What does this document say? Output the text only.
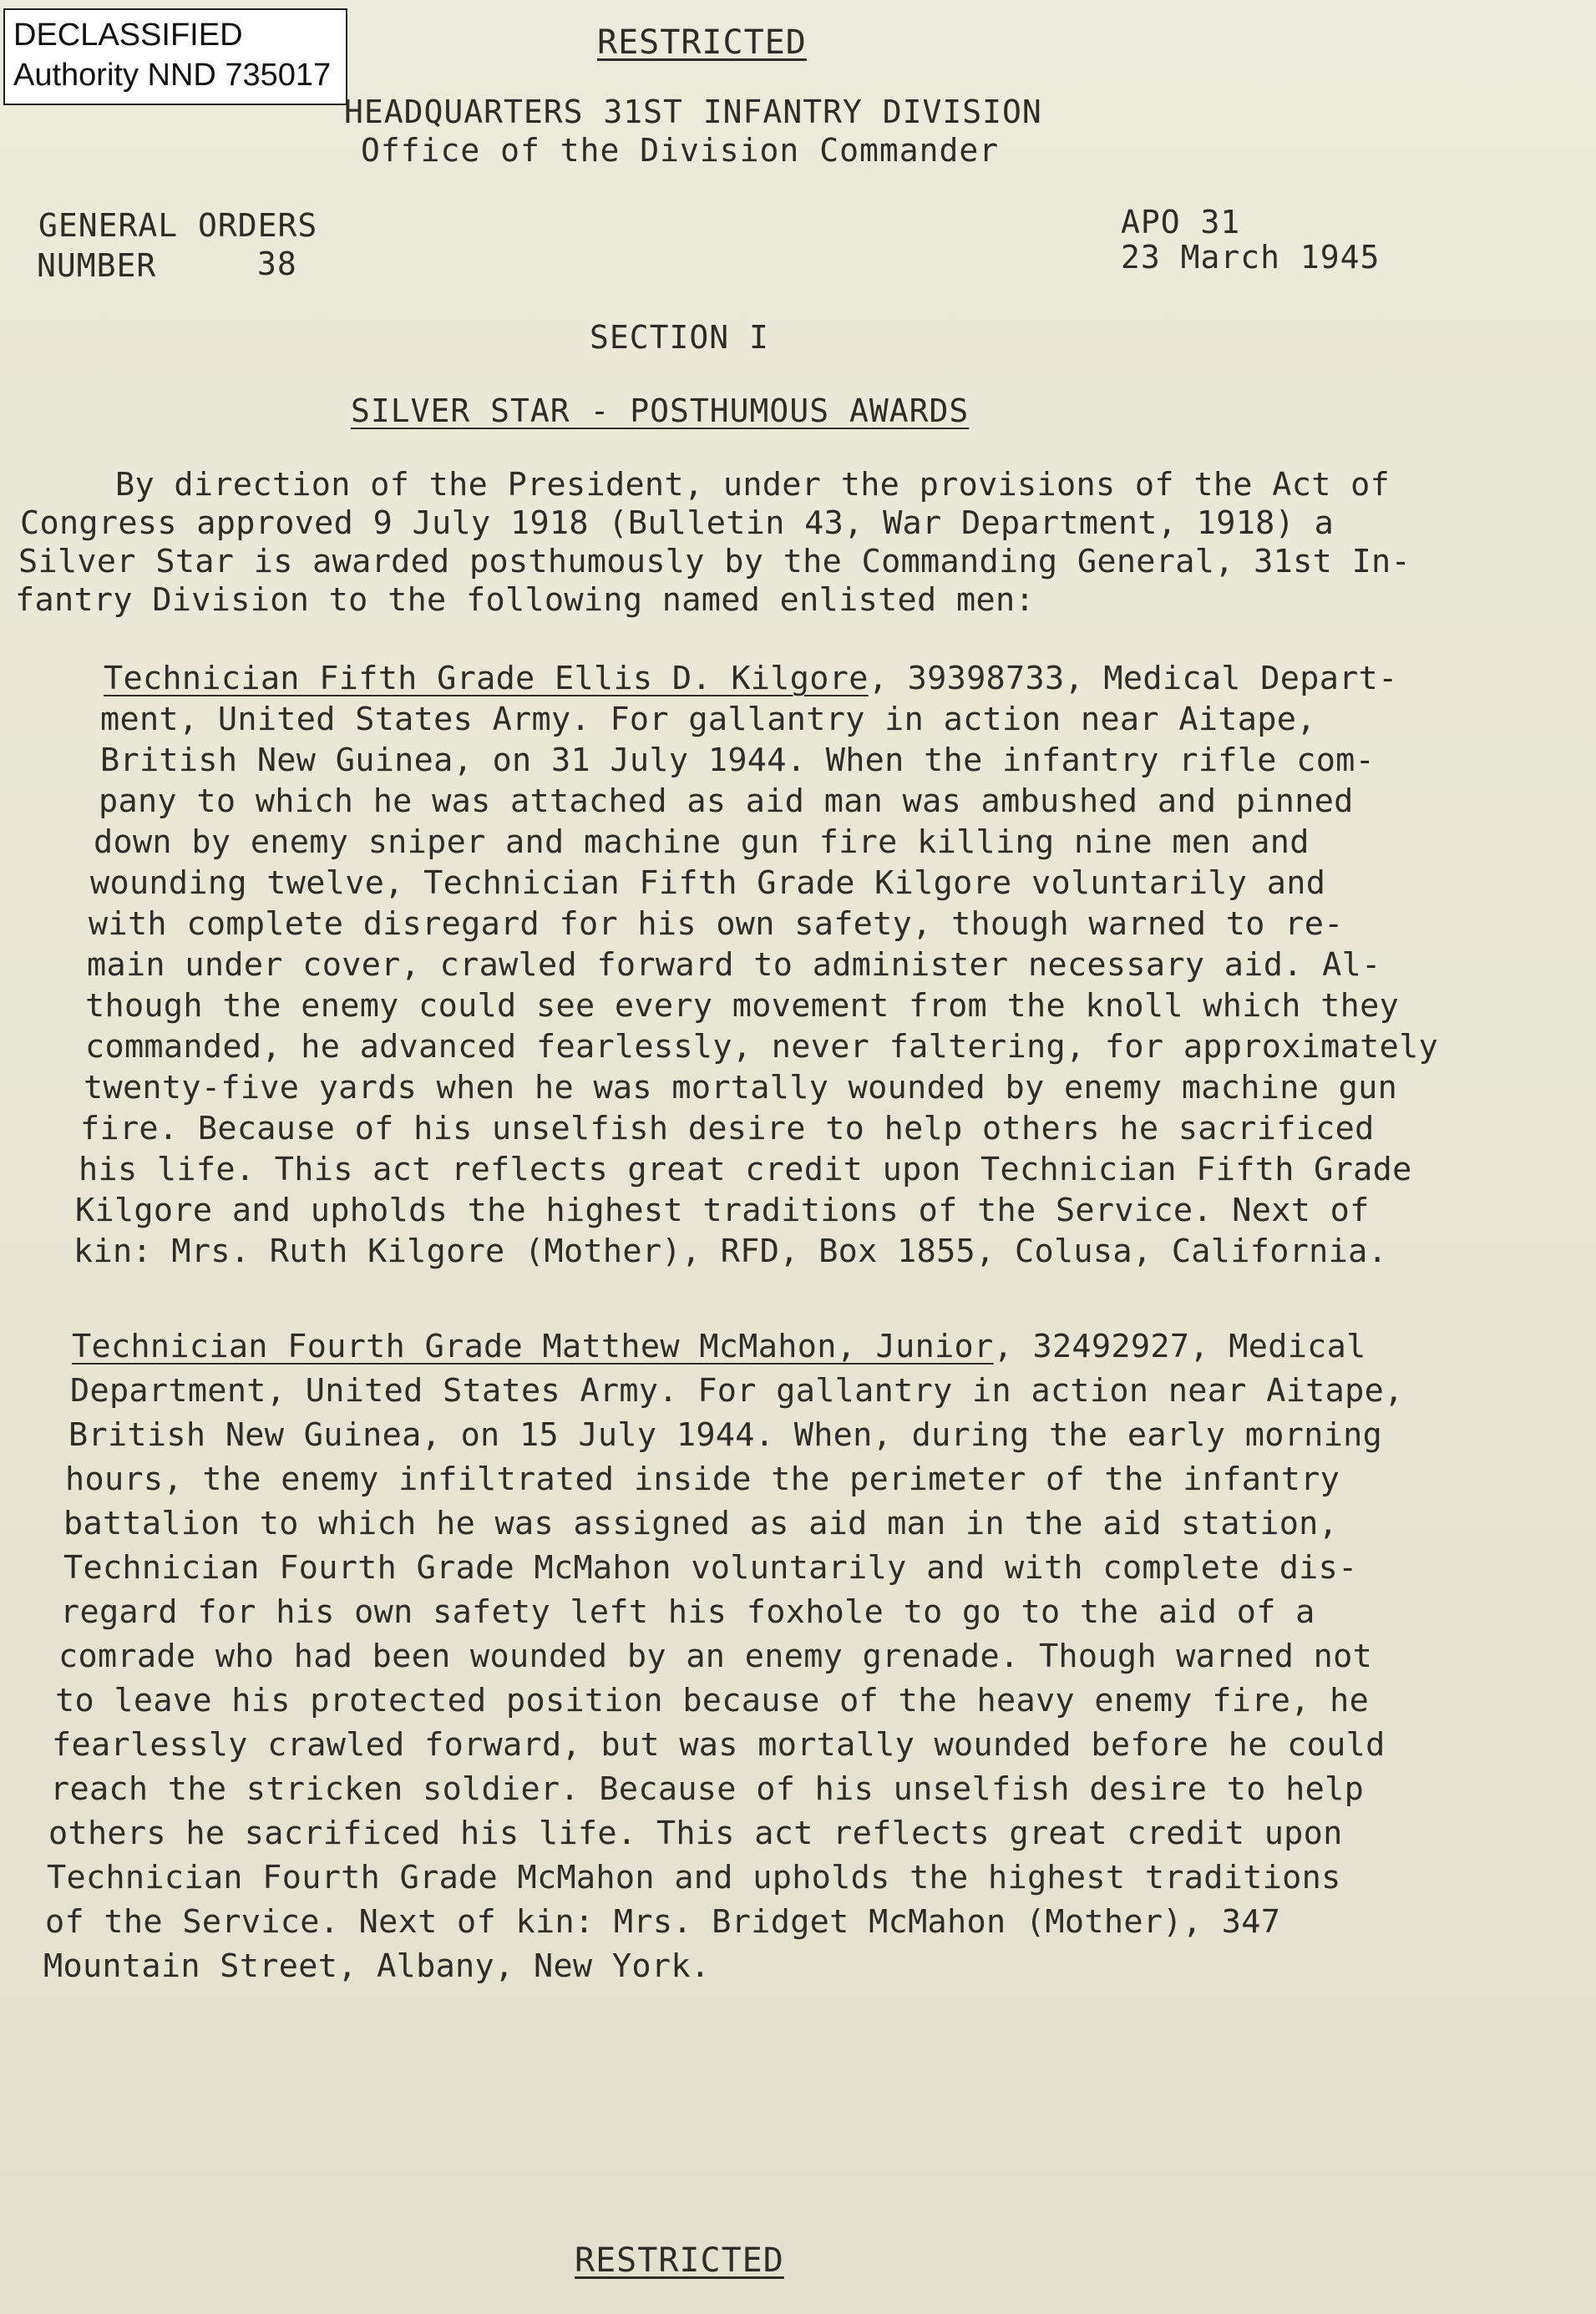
DECLASSIFIED
Authority NND 735017
RESTRICTED
HEADQUARTERS 31ST INFANTRY DIVISION
Office of the Division Commander
GENERAL ORDERS
NUMBER	38
APO 31
23 March 1945
SECTION I
SILVER STAR - POSTHUMOUS AWARDS
By direction of the President, under the provisions of the Act of
Congress approved 9 July 1918 (Bulletin 43, War Department, 1918) a
Silver Star is awarded posthumously by the Commanding General, 31st In-
fantry Division to the following named enlisted men:
Technician Fifth Grade Ellis D. Kilgore, 39398733, Medical Depart-
ment, United States Army. For gallantry in action near Aitape,
British New Guinea, on 31 July 1944. When the infantry rifle com-
pany to which he was attached as aid man was ambushed and pinned
down by enemy sniper and machine gun fire killing nine men and
wounding twelve, Technician Fifth Grade Kilgore voluntarily and
with complete disregard for his own safety, though warned to re-
main under cover, crawled forward to administer necessary aid. Al-
though the enemy could see every movement from the knoll which they
commanded, he advanced fearlessly, never faltering, for approximately
twenty-five yards when he was mortally wounded by enemy machine gun
fire. Because of his unselfish desire to help others he sacrificed
his life. This act reflects great credit upon Technician Fifth Grade
Kilgore and upholds the highest traditions of the Service. Next of
kin: Mrs. Ruth Kilgore (Mother), RFD, Box 1855, Colusa, California.
Technician Fourth Grade Matthew McMahon, Junior, 32492927, Medical
Department, United States Army. For gallantry in action near Aitape,
British New Guinea, on 15 July 1944. When, during the early morning
hours, the enemy infiltrated inside the perimeter of the infantry
battalion to which he was assigned as aid man in the aid station,
Technician Fourth Grade McMahon voluntarily and with complete dis-
regard for his own safety left his foxhole to go to the aid of a
comrade who had been wounded by an enemy grenade. Though warned not
to leave his protected position because of the heavy enemy fire, he
fearlessly crawled forward, but was mortally wounded before he could
reach the stricken soldier. Because of his unselfish desire to help
others he sacrificed his life. This act reflects great credit upon
Technician Fourth Grade McMahon and upholds the highest traditions
of the Service. Next of kin: Mrs. Bridget McMahon (Mother), 347
Mountain Street, Albany, New York.
RESTRICTED
